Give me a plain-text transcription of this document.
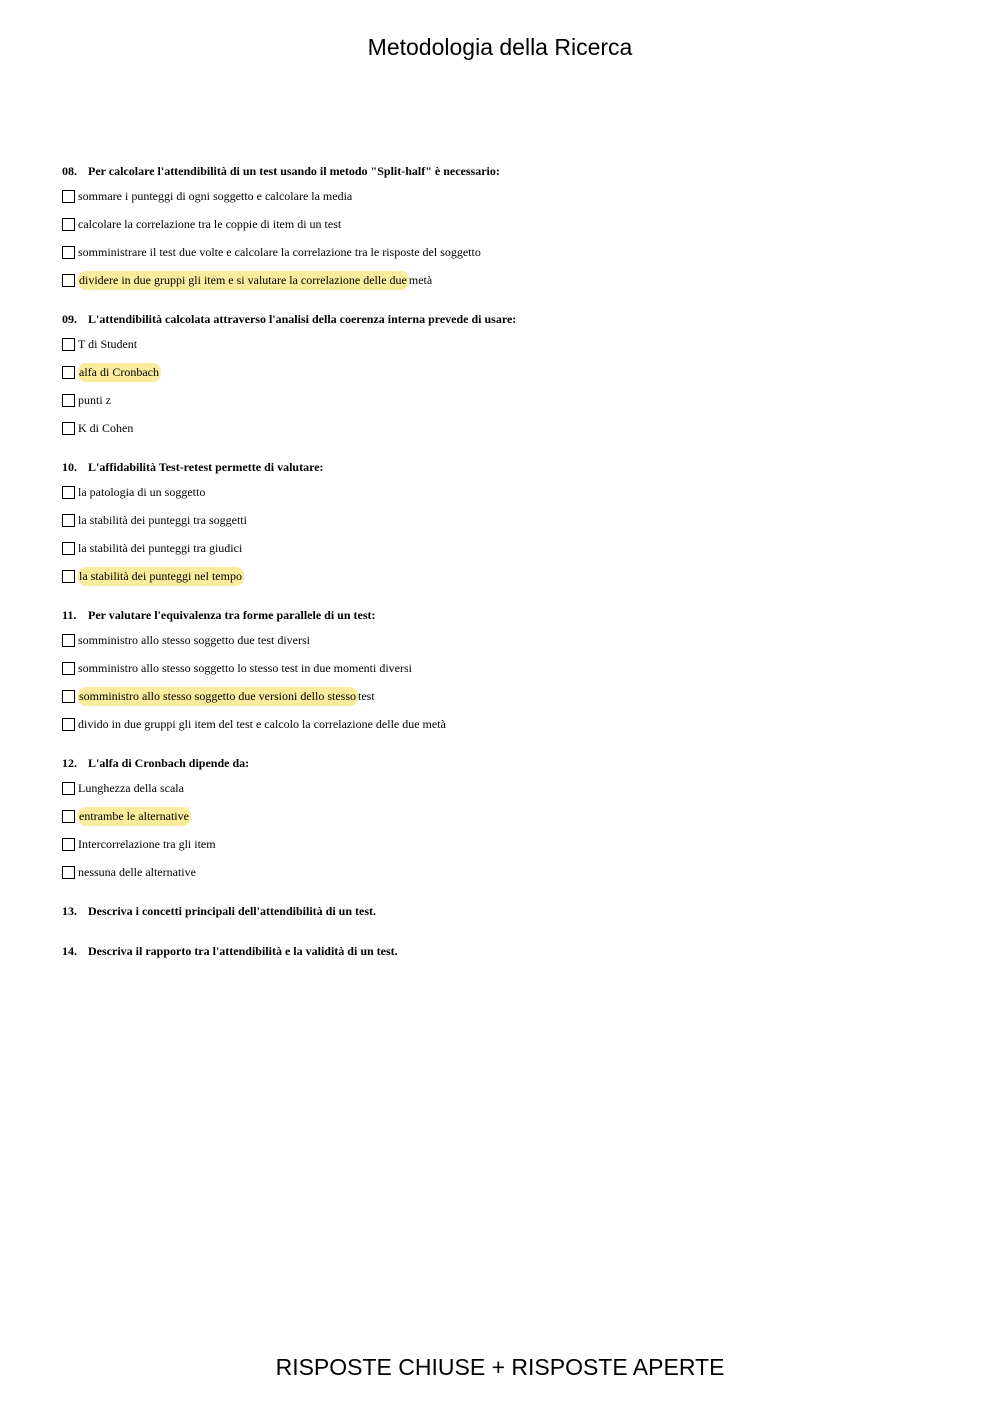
Metodologia della Ricerca
08. Per calcolare l'attendibilità di un test usando il metodo "Split-half" è necessario:
sommare i punteggi di ogni soggetto e calcolare la media
calcolare la correlazione tra le coppie di item di un test
somministrare il test due volte e calcolare la correlazione tra le risposte del soggetto
dividere in due gruppi gli item e si valutare la correlazione delle due metà
09. L'attendibilità calcolata attraverso l'analisi della coerenza interna prevede di usare:
T di Student
alfa di Cronbach
punti z
K di Cohen
10. L'affidabilità Test-retest permette di valutare:
la patologia di un soggetto
la stabilità dei punteggi tra soggetti
la stabilità dei punteggi tra giudici
la stabilità dei punteggi nel tempo
11. Per valutare l'equivalenza tra forme parallele di un test:
somministro allo stesso soggetto due test diversi
somministro allo stesso soggetto lo stesso test in due momenti diversi
somministro allo stesso soggetto due versioni dello stesso test
divido in due gruppi gli item del test e calcolo la correlazione delle due metà
12. L'alfa di Cronbach dipende da:
Lunghezza della scala
entrambe le alternative
Intercorrelazione tra gli item
nessuna delle alternative
13. Descriva i concetti principali dell'attendibilità di un test.
14. Descriva il rapporto tra l'attendibilità e la validità di un test.
RISPOSTE CHIUSE + RISPOSTE APERTE
